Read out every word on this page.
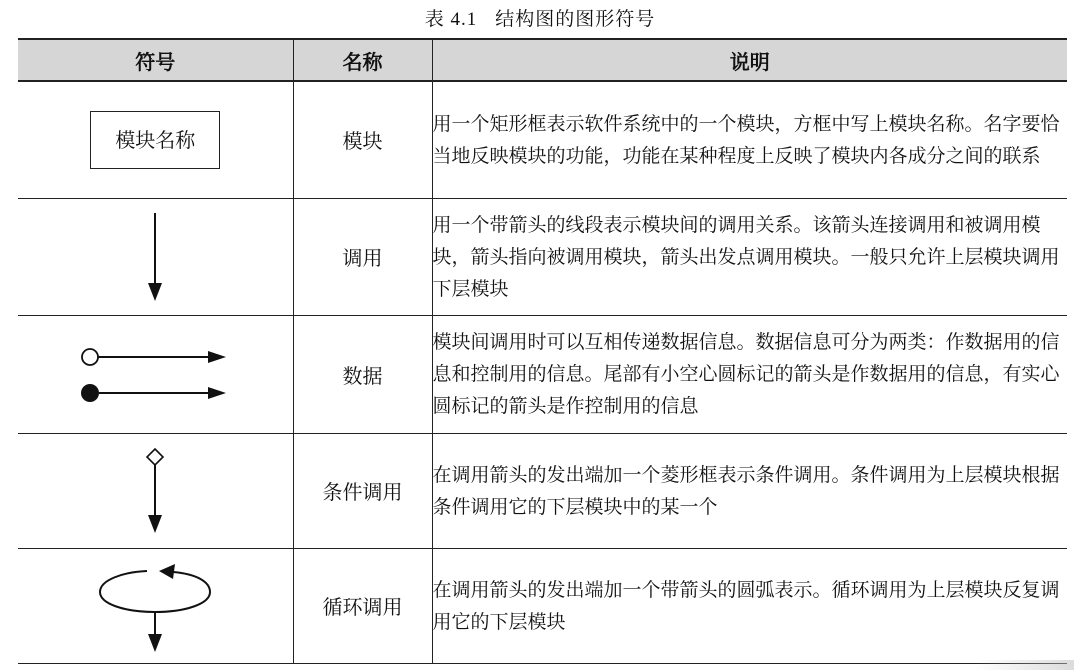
表 4.1 结构图的图形符号
符号	名称	说明
模块名称	模块	用一个矩形框表示软件系统中的一个模块，方框中写上模块名称。名字要恰当地反映模块的功能，功能在某种程度上反映了模块内各成分之间的联系

	调用	用一个带箭头的线段表示模块间的调用关系。该箭头连接调用和被调用模块，箭头指向被调用模块，箭头出发点调用模块。一般只允许上层模块调用下层模块

	数据	模块间调用时可以互相传递数据信息。数据信息可分为两类：作数据用的信息和控制用的信息。尾部有小空心圆标记的箭头是作数据用的信息，有实心圆标记的箭头是作控制用的信息

	条件调用	在调用箭头的发出端加一个菱形框表示条件调用。条件调用为上层模块根据条件调用它的下层模块中的某一个

	循环调用	在调用箭头的发出端加一个带箭头的圆弧表示。循环调用为上层模块反复调用它的下层模块
